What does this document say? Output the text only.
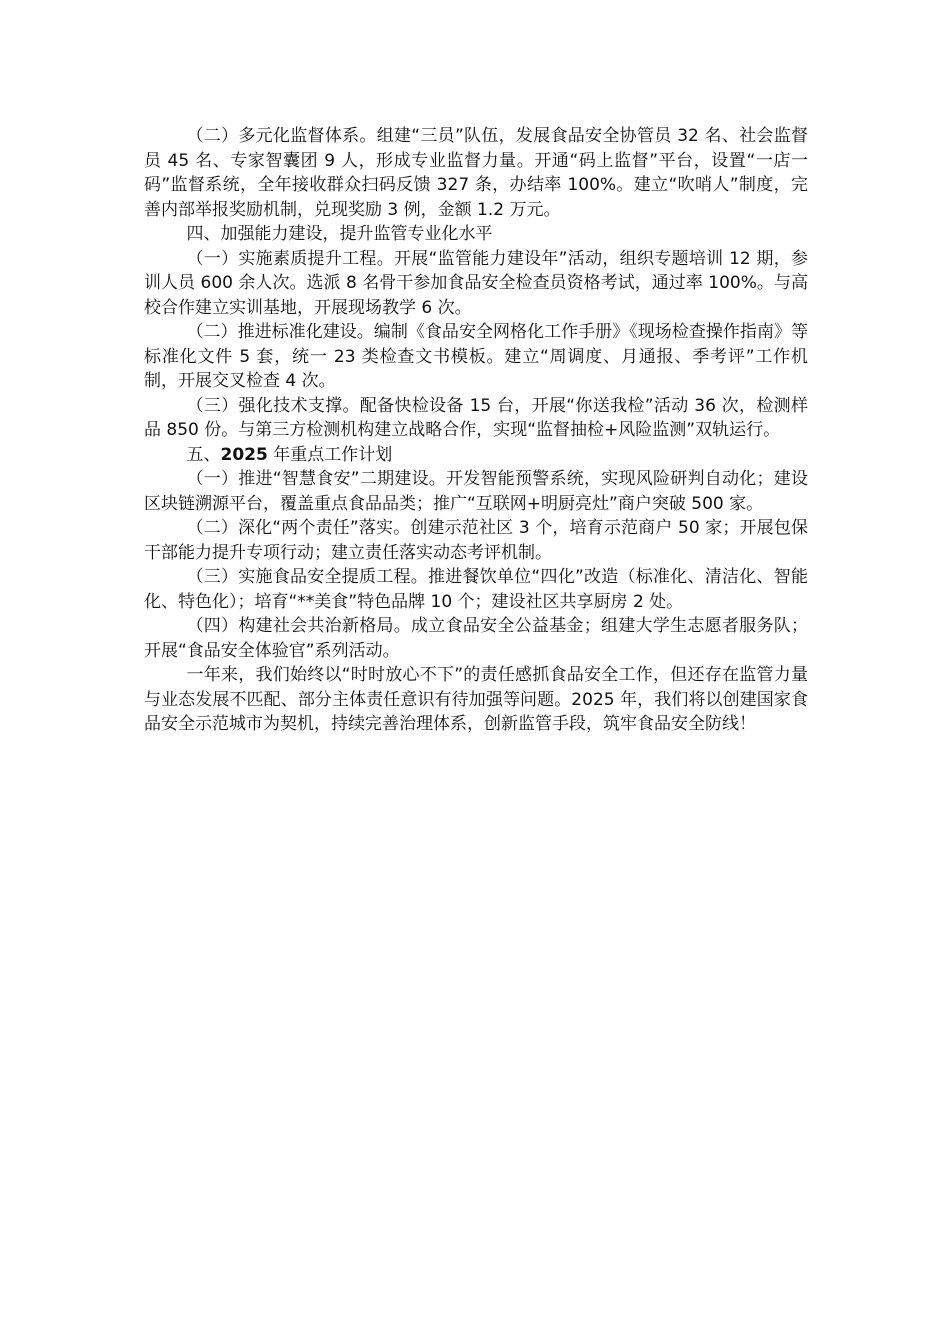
（二）多元化监督体系。组建“三员”队伍，发展食品安全协管员 32 名、社会监督员 45 名、专家智囊团 9 人，形成专业监督力量。开通“码上监督”平台，设置“一店一码”监督系统，全年接收群众扫码反馈 327 条，办结率 100%。建立“吹哨人”制度，完善内部举报奖励机制，兑现奖励 3 例，金额 1.2 万元。

四、加强能力建设，提升监管专业化水平

（一）实施素质提升工程。开展“监管能力建设年”活动，组织专题培训 12 期，参训人员 600 余人次。选派 8 名骨干参加食品安全检查员资格考试，通过率 100%。与高校合作建立实训基地，开展现场教学 6 次。

（二）推进标准化建设。编制《食品安全网格化工作手册》《现场检查操作指南》等标准化文件 5 套，统一 23 类检查文书模板。建立“周调度、月通报、季考评”工作机制，开展交叉检查 4 次。

（三）强化技术支撑。配备快检设备 15 台，开展“你送我检”活动 36 次，检测样品 850 份。与第三方检测机构建立战略合作，实现“监督抽检+风险监测”双轨运行。

五、2025 年重点工作计划

（一）推进“智慧食安”二期建设。开发智能预警系统，实现风险研判自动化；建设区块链溯源平台，覆盖重点食品品类；推广“互联网+明厨亮灶”商户突破 500 家。

（二）深化“两个责任”落实。创建示范社区 3 个，培育示范商户 50 家；开展包保干部能力提升专项行动；建立责任落实动态考评机制。

（三）实施食品安全提质工程。推进餐饮单位“四化”改造（标准化、清洁化、智能化、特色化）；培育“**美食”特色品牌 10 个；建设社区共享厨房 2 处。

（四）构建社会共治新格局。成立食品安全公益基金；组建大学生志愿者服务队；开展“食品安全体验官”系列活动。

一年来，我们始终以“时时放心不下”的责任感抓食品安全工作，但还存在监管力量与业态发展不匹配、部分主体责任意识有待加强等问题。2025 年，我们将以创建国家食品安全示范城市为契机，持续完善治理体系，创新监管手段，筑牢食品安全防线！
